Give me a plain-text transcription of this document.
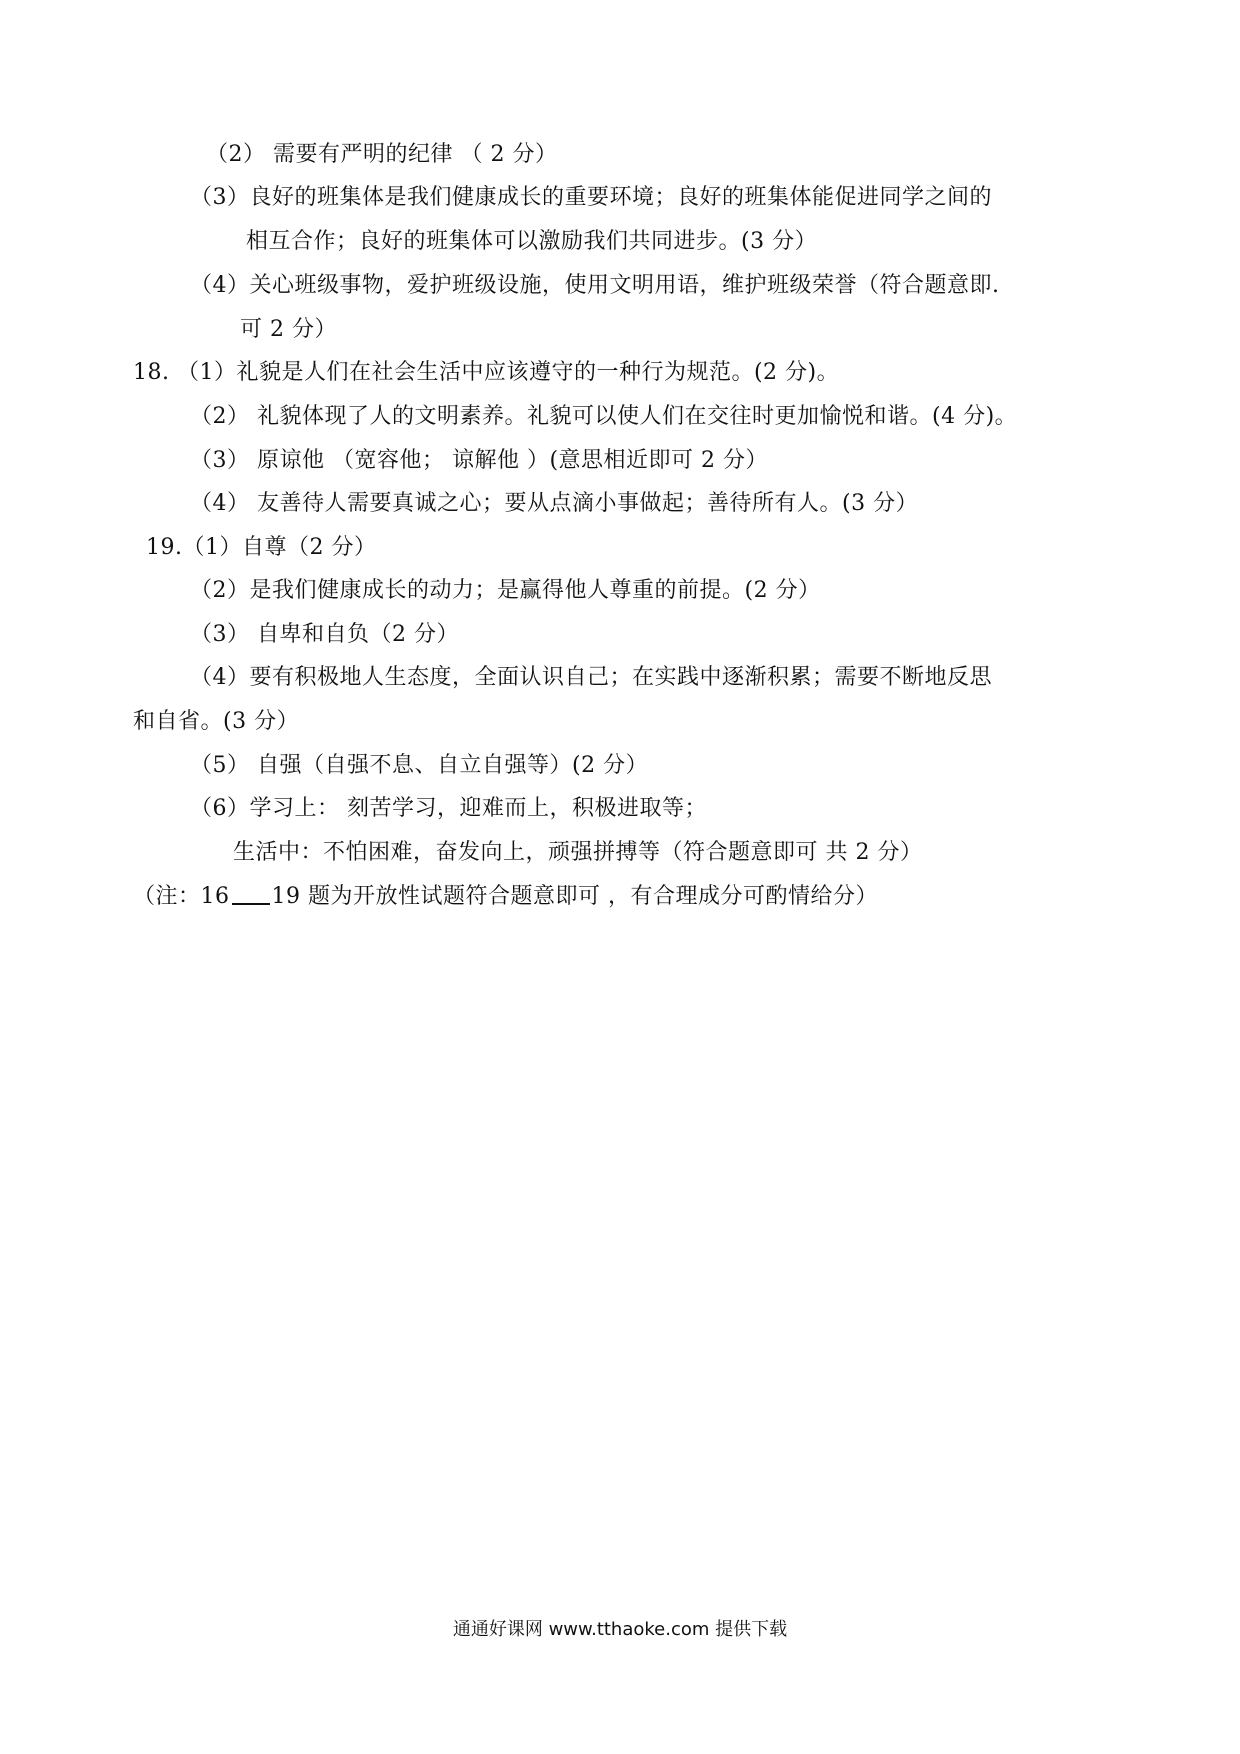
（2） 需要有严明的纪律 （ 2 分）
（3）良好的班集体是我们健康成长的重要环境；良好的班集体能促进同学之间的
相互合作；良好的班集体可以激励我们共同进步。(3 分）
（4）关心班级事物，爱护班级设施，使用文明用语，维护班级荣誉（符合题意即.
可 2 分）
18. （1）礼貌是人们在社会生活中应该遵守的一种行为规范。(2 分)。
（2） 礼貌体现了人的文明素养。礼貌可以使人们在交往时更加愉悦和谐。(4 分)。
（3） 原谅他 （宽容他； 谅解他 ）(意思相近即可 2 分）
（4） 友善待人需要真诚之心；要从点滴小事做起；善待所有人。(3 分）
19.（1）自尊（2 分）
（2）是我们健康成长的动力；是赢得他人尊重的前提。(2 分）
（3） 自卑和自负（2 分）
（4）要有积极地人生态度，全面认识自己；在实践中逐渐积累；需要不断地反思
和自省。(3 分）
（5） 自强（自强不息、自立自强等）(2 分）
（6）学习上： 刻苦学习，迎难而上，积极进取等；
生活中：不怕困难，奋发向上，顽强拼搏等（符合题意即可 共 2 分）
（注：16 19 题为开放性试题符合题意即可 ，有合理成分可酌情给分）
通通好课网 www.tthaoke.com 提供下载
